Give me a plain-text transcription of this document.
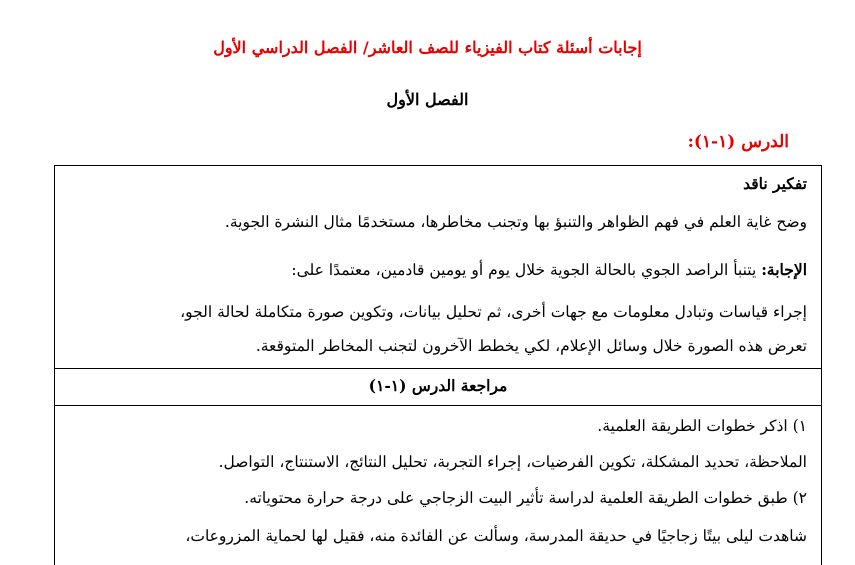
إجابات أسئلة كتاب الفيزياء للصف العاشر/ الفصل الدراسي الأول
الفصل الأول
الدرس (١-١):
تفكير ناقد
وضح غاية العلم في فهم الظواهر والتنبؤ بها وتجنب مخاطرها، مستخدمًا مثال النشرة الجوية.
الإجابة: يتنبأ الراصد الجوي بالحالة الجوية خلال يوم أو يومين قادمين، معتمدًا على:
إجراء قياسات وتبادل معلومات مع جهات أخرى، ثم تحليل بيانات، وتكوين صورة متكاملة لحالة الجو،
تعرض هذه الصورة خلال وسائل الإعلام، لكي يخطط الآخرون لتجنب المخاطر المتوقعة.
مراجعة الدرس (١-١)
١) اذكر خطوات الطريقة العلمية.
الملاحظة، تحديد المشكلة، تكوين الفرضيات، إجراء التجربة، تحليل النتائج، الاستنتاج، التواصل.
٢) طبق خطوات الطريقة العلمية لدراسة تأثير البيت الزجاجي على درجة حرارة محتوياته.
شاهدت ليلى بيتًا زجاجيًا في حديقة المدرسة، وسألت عن الفائدة منه، فقيل لها لحماية المزروعات،
